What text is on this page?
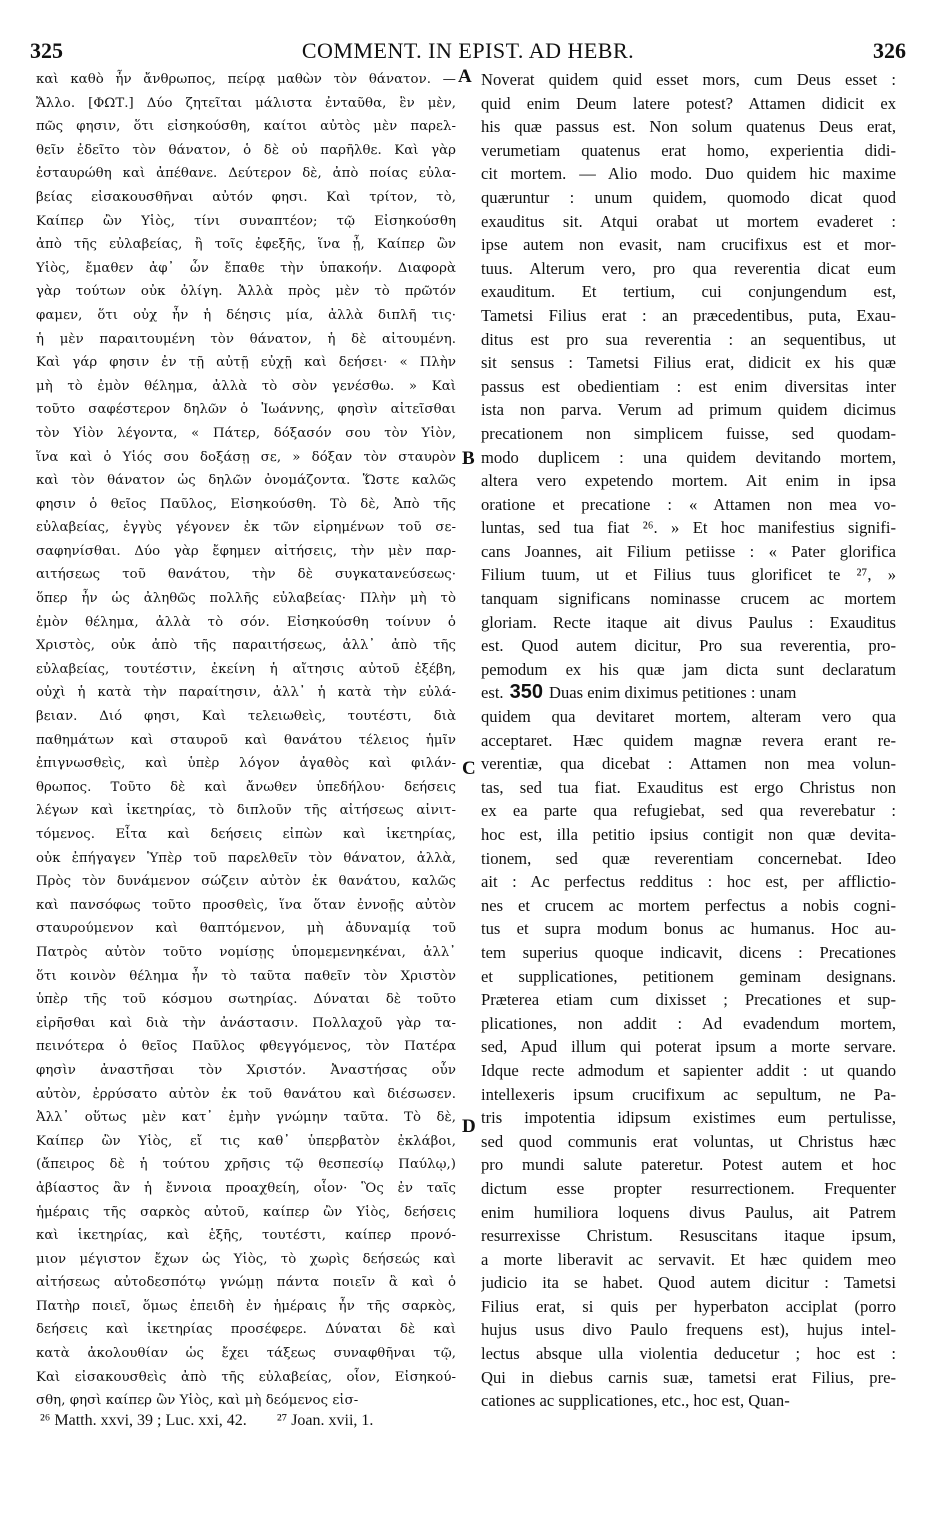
325	COMMENT. IN EPIST. AD HEBR.	326
καὶ καθὸ ἦν ἄνθρωπος, πείρᾳ μαθὼν τὸν θάνατον. —
Ἄλλο. [ΦΩΤ.] Δύο ζητεῖται μάλιστα ἐνταῦθα, ἓν μὲν,
πῶς φησιν, ὅτι εἰσηκούσθη, καίτοι αὐτὸς μὲν παρελ-
θεῖν ἐδεῖτο τὸν θάνατον, ὁ δὲ οὐ παρῆλθε. Καὶ γὰρ
ἐσταυρώθη καὶ ἀπέθανε. Δεύτερον δὲ, ἀπὸ ποίας εὐλα-
βείας εἰσακουσθῆναι αὐτόν φησι. Καὶ τρίτον, τὸ,
Καίπερ ὢν Υἱὸς, τίνι συναπτέον; τῷ Εἰσηκούσθη
ἀπὸ τῆς εὐλαβείας, ἢ τοῖς ἐφεξῆς, ἵνα ᾖ, Καίπερ ὢν
Υἱὸς, ἔμαθεν ἀφ᾽ ὧν ἔπαθε τὴν ὑπακοήν. Διαφορὰ
γὰρ τούτων οὐκ ὀλίγη. Ἀλλὰ πρὸς μὲν τὸ πρῶτόν
φαμεν, ὅτι οὐχ ἦν ἡ δέησις μία, ἀλλὰ διπλῆ τις·
ἡ μὲν παραιτουμένη τὸν θάνατον, ἡ δὲ αἰτουμένη.
Καὶ γάρ φησιν ἐν τῇ αὐτῇ εὐχῇ καὶ δεήσει· « Πλὴν
μὴ τὸ ἐμὸν θέλημα, ἀλλὰ τὸ σὸν γενέσθω. » Καὶ
τοῦτο σαφέστερον δηλῶν ὁ Ἰωάννης, φησὶν αἰτεῖσθαι
τὸν Υἱὸν λέγοντα, « Πάτερ, δόξασόν σου τὸν Υἱὸν,
ἵνα καὶ ὁ Υἱός σου δοξάσῃ σε, » δόξαν τὸν σταυρὸν
καὶ τὸν θάνατον ὡς δηλῶν ὀνομάζοντα. Ὥστε καλῶς
φησιν ὁ θεῖος Παῦλος, Εἰσηκούσθη. Τὸ δὲ, Ἀπὸ τῆς
εὐλαβείας, ἐγγὺς γέγονεν ἐκ τῶν εἰρημένων τοῦ σε-
σαφηνίσθαι. Δύο γὰρ ἔφημεν αἰτήσεις, τὴν μὲν παρ-
αιτήσεως τοῦ θανάτου, τὴν δὲ συγκατανεύσεως·
ὅπερ ἦν ὡς ἀληθῶς πολλῆς εὐλαβείας· Πλὴν μὴ τὸ
ἐμὸν θέλημα, ἀλλὰ τὸ σόν. Εἰσηκούσθη τοίνυν ὁ
Χριστὸς, οὐκ ἀπὸ τῆς παραιτήσεως, ἀλλ᾽ ἀπὸ τῆς
εὐλαβείας, τουτέστιν, ἐκείνη ἡ αἴτησις αὐτοῦ ἐξέβη,
οὐχὶ ἡ κατὰ τὴν παραίτησιν, ἀλλ᾽ ἡ κατὰ τὴν εὐλά-
βειαν. Διό φησι, Καὶ τελειωθεὶς, τουτέστι, διὰ
παθημάτων καὶ σταυροῦ καὶ θανάτου τέλειος ἡμῖν
ἐπιγνωσθεὶς, καὶ ὑπὲρ λόγον ἀγαθὸς καὶ φιλάν-
θρωπος. Τοῦτο δὲ καὶ ἄνωθεν ὑπεδήλου· δεήσεις
λέγων καὶ ἱκετηρίας, τὸ διπλοῦν τῆς αἰτήσεως αἰνιτ-
τόμενος. Εἶτα καὶ δεήσεις εἰπὼν καὶ ἱκετηρίας,
οὐκ ἐπήγαγεν Ὑπὲρ τοῦ παρελθεῖν τὸν θάνατον, ἀλλὰ,
Πρὸς τὸν δυνάμενον σώζειν αὐτὸν ἐκ θανάτου, καλῶς
καὶ πανσόφως τοῦτο προσθεὶς, ἵνα ὅταν ἐννοῇς αὐτὸν
σταυρούμενον καὶ θαπτόμενον, μὴ ἀδυναμίᾳ τοῦ
Πατρὸς αὐτὸν τοῦτο νομίσῃς ὑπομεμενηκέναι, ἀλλ᾽
ὅτι κοινὸν θέλημα ἦν τὸ ταῦτα παθεῖν τὸν Χριστὸν
ὑπὲρ τῆς τοῦ κόσμου σωτηρίας. Δύναται δὲ τοῦτο
εἰρῆσθαι καὶ διὰ τὴν ἀνάστασιν. Πολλαχοῦ γὰρ τα-
πεινότερα ὁ θεῖος Παῦλος φθεγγόμενος, τὸν Πατέρα
φησὶν ἀναστῆσαι τὸν Χριστόν. Ἀναστήσας οὖν
αὐτὸν, ἐρρύσατο αὐτὸν ἐκ τοῦ θανάτου καὶ διέσωσεν.
Ἀλλ᾽ οὕτως μὲν κατ᾽ ἐμὴν γνώμην ταῦτα. Τὸ δὲ,
Καίπερ ὢν Υἱὸς, εἴ τις καθ᾽ ὑπερβατὸν ἐκλάβοι,
(ἄπειρος δὲ ἡ τούτου χρῆσις τῷ θεσπεσίῳ Παύλῳ,)
ἀβίαστος ἂν ἡ ἔννοια προαχθείη, οἷον· Ὃς ἐν ταῖς
ἡμέραις τῆς σαρκὸς αὐτοῦ, καίπερ ὢν Υἱὸς, δεήσεις
καὶ ἱκετηρίας, καὶ ἑξῆς, τουτέστι, καίπερ προνό-
μιον μέγιστον ἔχων ὡς Υἱὸς, τὸ χωρὶς δεήσεώς καὶ
αἰτήσεως αὐτοδεσπότῳ γνώμῃ πάντα ποιεῖν ἃ καὶ ὁ
Πατὴρ ποιεῖ, ὅμως ἐπειδὴ ἐν ἡμέραις ἦν τῆς σαρκὸς,
δεήσεις καὶ ἱκετηρίας προσέφερε. Δύναται δὲ καὶ
κατὰ ἀκολουθίαν ὡς ἔχει τάξεως συναφθῆναι τῷ,
Καὶ εἰσακουσθεὶς ἀπὸ τῆς εὐλαβείας, οἷον, Εἰσηκού-
σθη, φησὶ καίπερ ὢν Υἱὸς, καὶ μὴ δεόμενος εἰσ-
Noverat quidem quid esset mors, cum Deus esset :
quid enim Deum latere potest? Attamen didicit ex
his quæ passus est. Non solum quatenus Deus erat,
verumetiam quatenus erat homo, experientia didi-
cit mortem. — Alio modo. Duo quidem hic maxime
quæruntur : unum quidem, quomodo dicat quod
exauditus sit. Atqui orabat ut mortem evaderet :
ipse autem non evasit, nam crucifixus est et mor-
tuus. Alterum vero, pro qua reverentia dicat eum
exauditum. Et tertium, cui conjungendum est,
Tametsi Filius erat : an præcedentibus, puta, Exau-
ditus est pro sua reverentia : an sequentibus, ut
sit sensus : Tametsi Filius erat, didicit ex his quæ
passus est obedientiam : est enim diversitas inter
ista non parva. Verum ad primum quidem dicimus
precationem non simplicem fuisse, sed quodam-
modo duplicem : una quidem devitando mortem,
altera vero expetendo mortem. Ait enim in ipsa
oratione et precatione : « Attamen non mea vo-
luntas, sed tua fiat ²⁶. » Et hoc manifestius signifi-
cans Joannes, ait Filium petiisse : « Pater glorifica
Filium tuum, ut et Filius tuus glorificet te ²⁷, »
tanquam significans nominasse crucem ac mortem
gloriam. Recte itaque ait divus Paulus : Exauditus
est. Quod autem dicitur, Pro sua reverentia, pro-
pemodum ex his quæ jam dicta sunt declaratum
est. 350 Duas enim diximus petitiones : unam
quidem qua devitaret mortem, alteram vero qua
acceptaret. Hæc quidem magnæ revera erant re-
verentiæ, qua dicebat : Attamen non mea volun-
tas, sed tua fiat. Exauditus est ergo Christus non
ex ea parte qua refugiebat, sed qua reverebatur :
hoc est, illa petitio ipsius contigit non quæ devita-
tionem, sed quæ reverentiam concernebat. Ideo
ait : Ac perfectus redditus : hoc est, per afflictio-
nes et crucem ac mortem perfectus a nobis cogni-
tus et supra modum bonus ac humanus. Hoc au-
tem superius quoque indicavit, dicens : Precationes
et supplicationes, petitionem geminam designans.
Præterea etiam cum dixisset ; Precationes et sup-
plicationes, non addit : Ad evadendum mortem,
sed, Apud illum qui poterat ipsum a morte servare.
Idque recte admodum et sapienter addit : ut quando
intellexeris ipsum crucifixum ac sepultum, ne Pa-
tris impotentia idipsum existimes eum pertulisse,
sed quod communis erat voluntas, ut Christus hæc
pro mundi salute pateretur. Potest autem et hoc
dictum esse propter resurrectionem. Frequenter
enim humiliora loquens divus Paulus, ait Patrem
resurrexisse Christum. Resuscitans itaque ipsum,
a morte liberavit ac servavit. Et hæc quidem meo
judicio ita se habet. Quod autem dicitur : Tametsi
Filius erat, si quis per hyperbaton acciplat (porro
hujus usus divo Paulo frequens est), hujus intel-
lectus absque ulla violentia deducetur ; hoc est :
Qui in diebus carnis suæ, tametsi erat Filius, pre-
cationes ac supplicationes, etc., hoc est, Quan-
A
B
C
D
²⁶ Matth. xxvi, 39 ; Luc. xxi, 42. ²⁷ Joan. xvii, 1.
